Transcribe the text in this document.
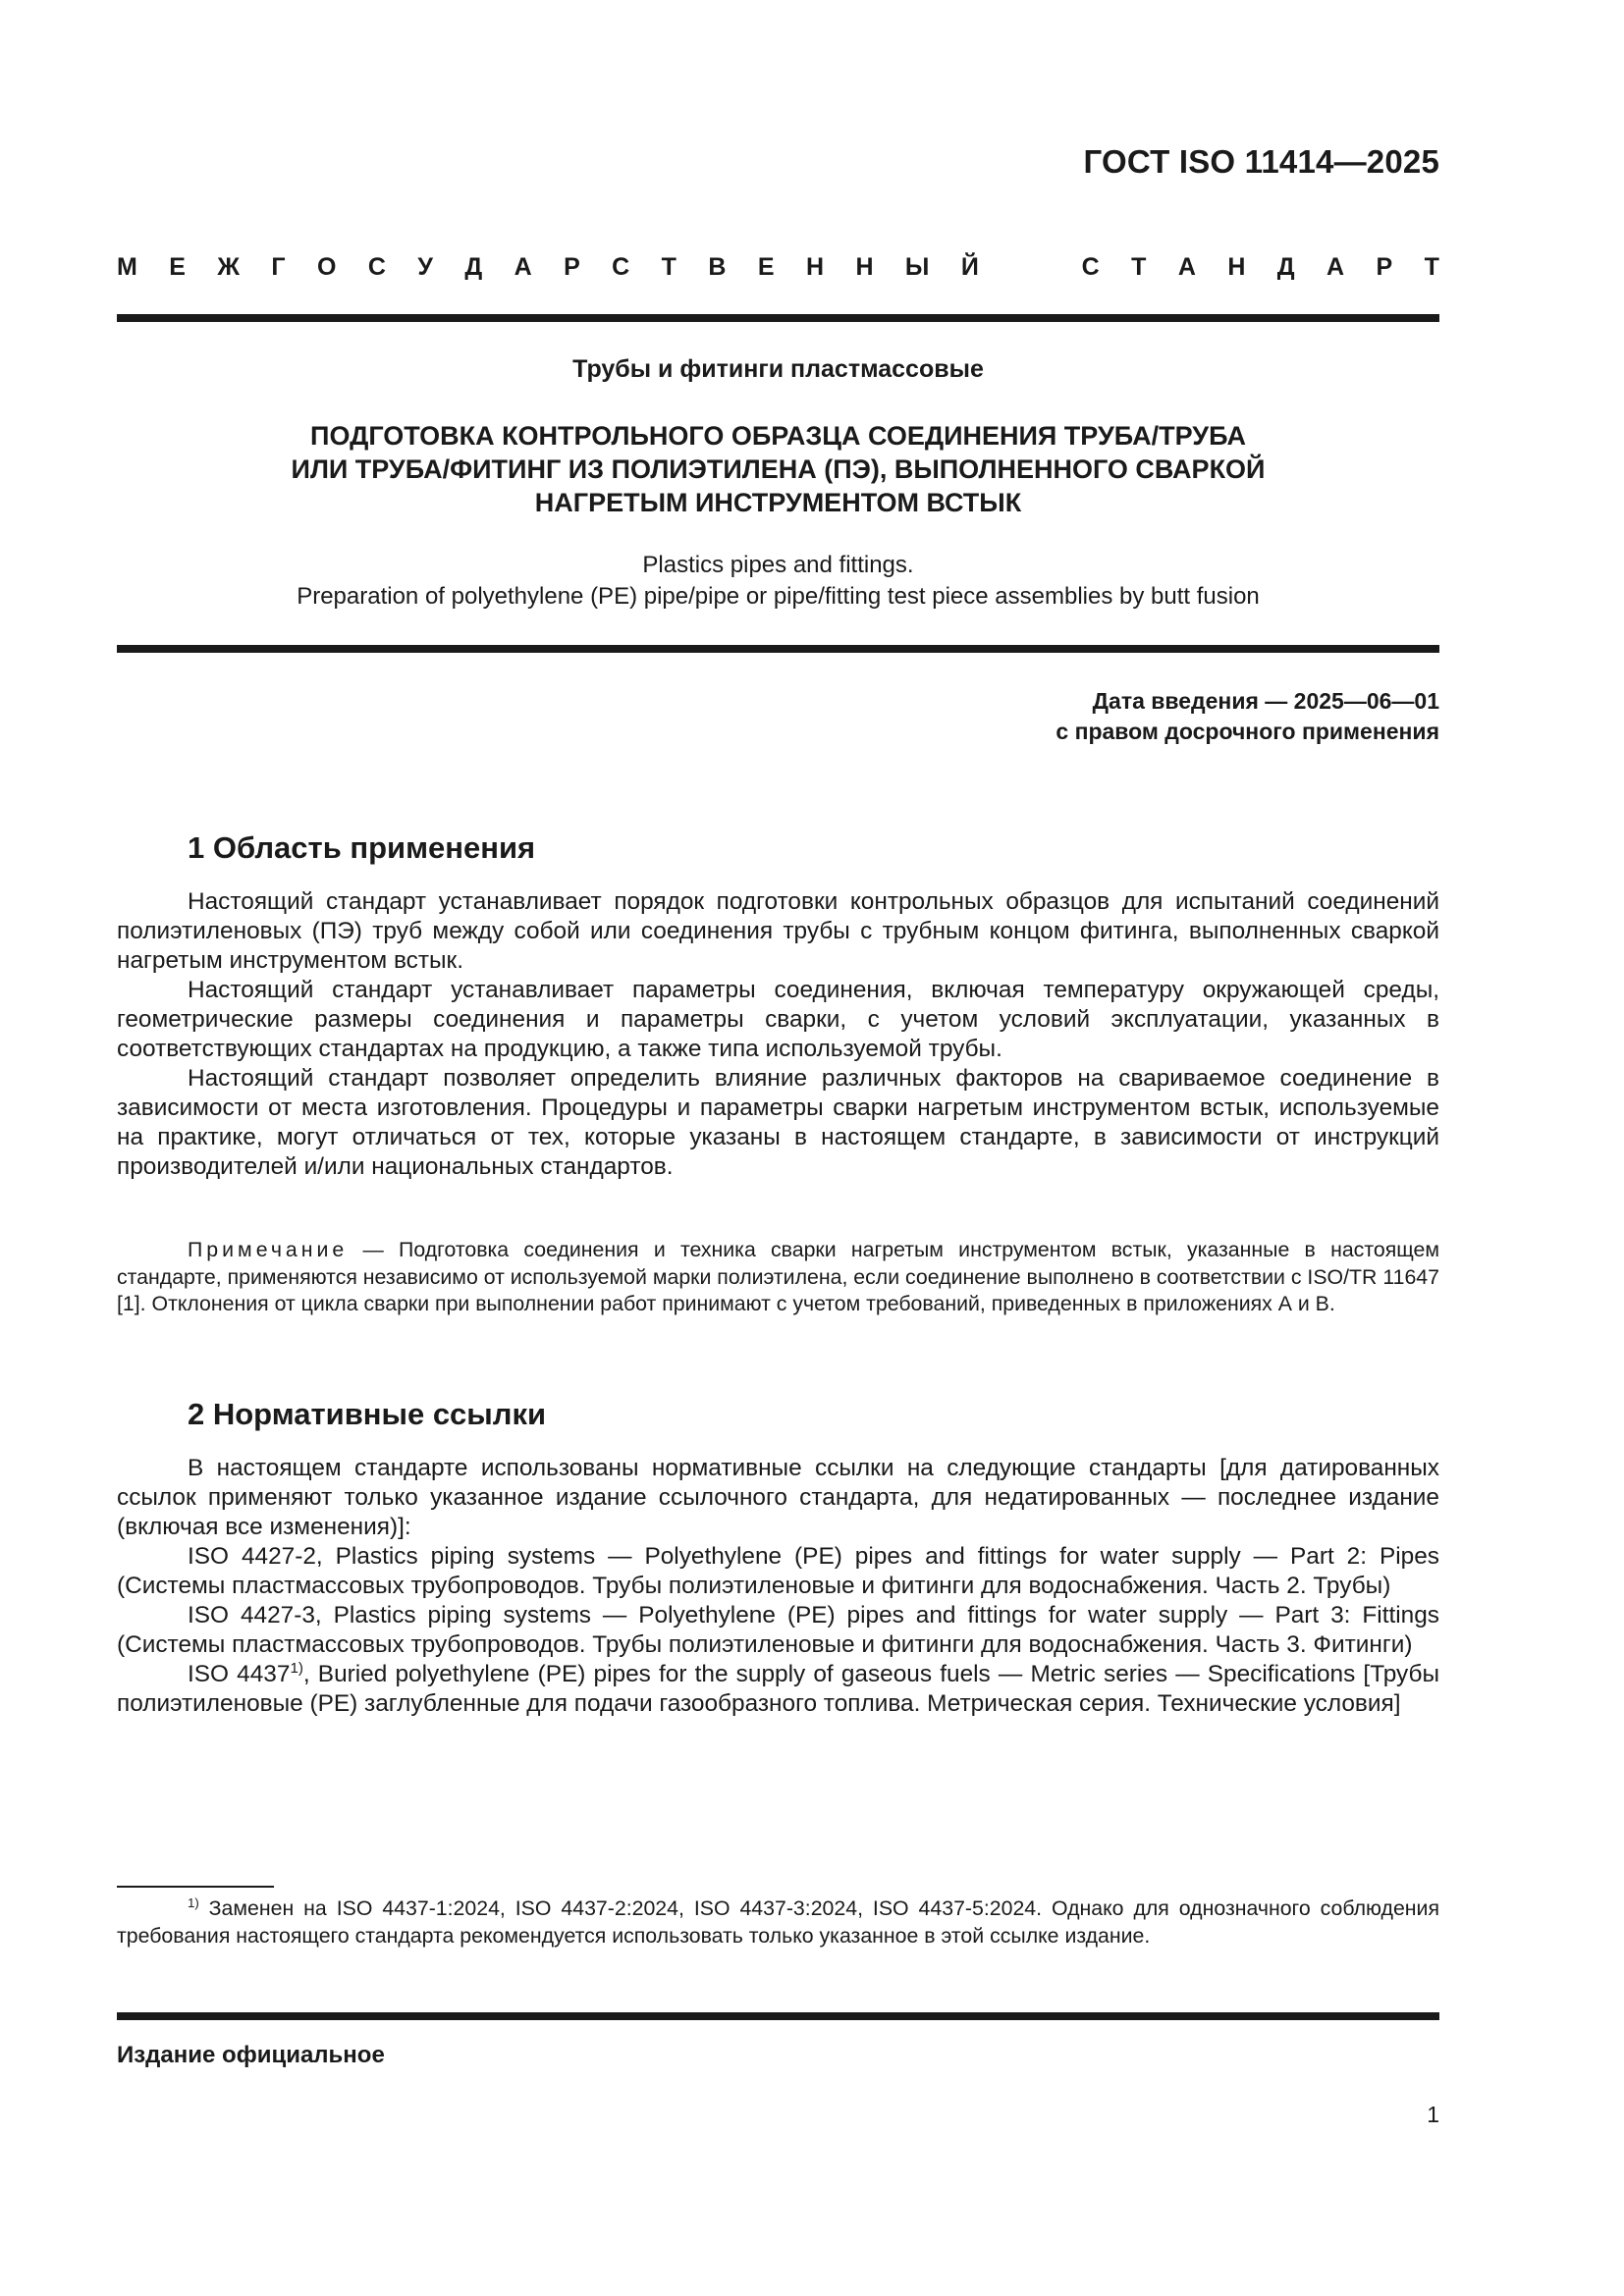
ГОСТ ISO 11414—2025
М Е Ж Г О С У Д А Р С Т В Е Н Н Ы Й	С Т А Н Д А Р Т
Трубы и фитинги пластмассовые
ПОДГОТОВКА КОНТРОЛЬНОГО ОБРАЗЦА СОЕДИНЕНИЯ ТРУБА/ТРУБА
ИЛИ ТРУБА/ФИТИНГ ИЗ ПОЛИЭТИЛЕНА (ПЭ), ВЫПОЛНЕННОГО СВАРКОЙ
НАГРЕТЫМ ИНСТРУМЕНТОМ ВСТЫК
Plastics pipes and fittings.
Preparation of polyethylene (PE) pipe/pipe or pipe/fitting test piece assemblies by butt fusion
Дата введения — 2025—06—01
с правом досрочного применения
1 Область применения

Настоящий стандарт устанавливает порядок подготовки контрольных образцов для испытаний соединений полиэтиленовых (ПЭ) труб между собой или соединения трубы с трубным концом фитинга, выполненных сваркой нагретым инструментом встык.

Настоящий стандарт устанавливает параметры соединения, включая температуру окружающей среды, геометрические размеры соединения и параметры сварки, с учетом условий эксплуатации, указанных в соответствующих стандартах на продукцию, а также типа используемой трубы.

Настоящий стандарт позволяет определить влияние различных факторов на свариваемое соединение в зависимости от места изготовления. Процедуры и параметры сварки нагретым инструментом встык, используемые на практике, могут отличаться от тех, которые указаны в настоящем стандарте, в зависимости от инструкций производителей и/или национальных стандартов.

Примечание — Подготовка соединения и техника сварки нагретым инструментом встык, указанные в настоящем стандарте, применяются независимо от используемой марки полиэтилена, если соединение выполнено в соответствии с ISO/TR 11647 [1]. Отклонения от цикла сварки при выполнении работ принимают с учетом требований, приведенных в приложениях А и В.

2 Нормативные ссылки

В настоящем стандарте использованы нормативные ссылки на следующие стандарты [для датированных ссылок применяют только указанное издание ссылочного стандарта, для недатированных — последнее издание (включая все изменения)]:

ISO 4427-2, Plastics piping systems — Polyethylene (PE) pipes and fittings for water supply — Part 2: Pipes (Системы пластмассовых трубопроводов. Трубы полиэтиленовые и фитинги для водоснабжения. Часть 2. Трубы)

ISO 4427-3, Plastics piping systems — Polyethylene (PE) pipes and fittings for water supply — Part 3: Fittings (Системы пластмассовых трубопроводов. Трубы полиэтиленовые и фитинги для водоснабжения. Часть 3. Фитинги)

ISO 4437$^{1)}$, Buried polyethylene (PE) pipes for the supply of gaseous fuels — Metric series — Specifications [Трубы полиэтиленовые (PE) заглубленные для подачи газообразного топлива. Метрическая серия. Технические условия]

$^{1)}$ Заменен на ISO 4437-1:2024, ISO 4437-2:2024, ISO 4437-3:2024, ISO 4437-5:2024. Однако для однозначного соблюдения требования настоящего стандарта рекомендуется использовать только указанное в этой ссылке издание.

Издание официальное
1
